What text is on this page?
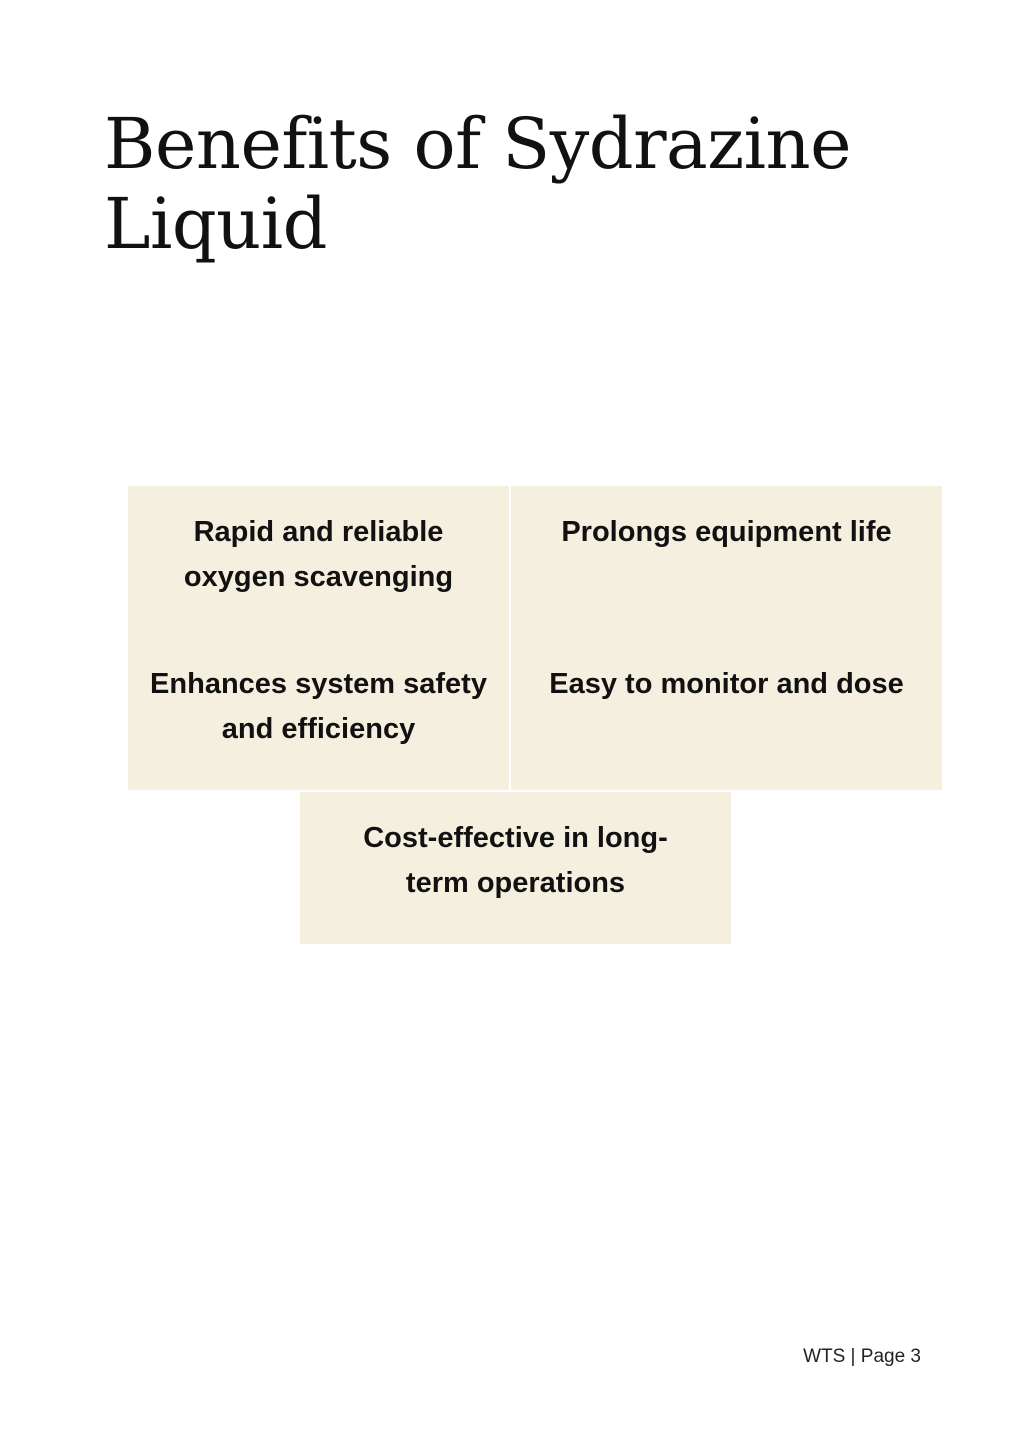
Benefits of Sydrazine Liquid
Rapid and reliable oxygen scavenging
Prolongs equipment life
Enhances system safety and efficiency
Easy to monitor and dose
Cost-effective in long-term operations
WTS | Page 3
